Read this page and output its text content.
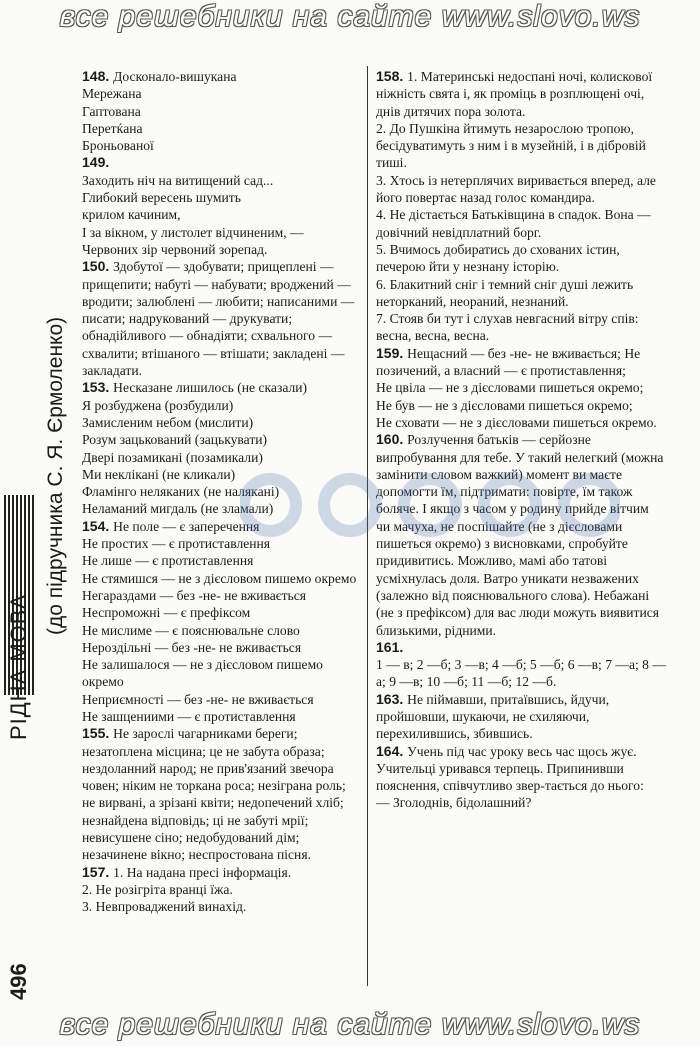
все решебники на сайте www.slovo.ws
(до підручника С. Я. Єрмоленко)
РІДНА МОВА
496

148. Досконало-вишукана

Мережана

Гаптована

Перетќана

Броньованої

149.

Заходить ніч на витищений сад...

Глибокий вересень шумить

крилом качиним,

І за вікном, у листолет відчиненим, —

Червоних зір червоний зорепад.

150. Здобутої — здобувати; прищеплені — прищепити; набуті — набувати; вроджений — вродити; залюблені — любити; написаними — писати; надрукований — друкувати; обнадійливого — обнадіяти; схвального — схвалити; втішаного — втішати; закладені — закладати.

153. Несказане лишилось (не сказали)

Я розбуджена (розбудили)

Замисленим небом (мислити)

Розум зацькований (зацькувати)

Двері позамикані (позамикали)

Ми неклікані (не кликали)

Фламінго неляканих (не налякані)

Неламаний мигдаль (не зламали)

154. Не поле — є заперечення

Не простих — є протиставлення

Не лише — є протиставлення

Не стямишся — не з дієсловом пишемо окремо

Негараздами — без -не- не вживається

Неспроможні — є префіксом

Не мислиме — є пояснювальне слово

Нероздільні — без -не- не вживається

Не залишалося — не з дієсловом пишемо окремо

Неприємності — без -не- не вживається

Не зашцениими — є протиставлення

155. Не зарослі чагарниками береги; незатоплена місцина; це не забута образа; нездоланний народ; не прив'язаний звечора човен; ніким не торкана роса; незіграна роль; не вирвані, а зрізані квіти; недопечений хліб; незнайдена відповідь; ці не забуті мрії; невисушене сіно; недобудований дім; незачинене вікно; неспростована пісня.

157. 1. На надана пресі інформація.

2. Не розігріта вранці їжа.

3. Невпроваджений винахід.

158. 1. Материнські недоспані ночі, колискової ніжність свята і, як проміць в розплющені очі, днів дитячих пора золота.

2. До Пушкіна йтимуть незарослою тропою, бесідуватимуть з ним і в музейній, і в дібровій тиші.

3. Хтось із нетерплячих виривається вперед, але його повертає назад голос командира.

4. Не дістається Батьківщина в спадок. Вона — довічний невідплатний борг.

5. Вчимось добиратись до схованих істин, печерою йти у незнану історію.

6. Блакитний сніг і темний сніг душі лежить неторканий, неораний, незнаний.

7. Стояв би тут і слухав невгасний вітру спів: весна, весна, весна.

159. Нещасний — без -не- не вживається; Не позичений, а власний — є протиставлення;

Не цвіла — не з дієсловами пишеться окремо;

Не був — не з дієсловами пишеться окремо;

Не сховати — не з дієсловами пишеться окремо.

160. Розлучення батьків — серйозне випробування для тебе. У такий нелегкий (можна замінити словом важкий) момент ви маєте допомогти їм, підтримати: повірте, їм також боляче. І якщо з часом у родину прийде вітчим чи мачуха, не поспішайте (не з дієсловами пишеться окремо) з висновками, спробуйте придивитись. Можливо, мамі або татові усміхнулась доля. Ватро уникати незважених (залежно від пояснювального слова). Небажані (не з префіксом) для вас люди можуть виявитися близькими, рідними.

161.

1 — в; 2 —б; 3 —в; 4 —б; 5 —б; 6 —в; 7 —а; 8 —а; 9 —в; 10 —б; 11 —б; 12 —б.

163. Не піймавши, притаївшись, йдучи, пройшовши, шукаючи, не схиляючи, перехилившись, збившись.

164. Учень під час уроку весь час щось жує. Учительці уривався терпець. Припинивши пояснення, співчутливо звер-тається до нього:

— Зголоднів, бідолашний?

все решебники на сайте www.slovo.ws
